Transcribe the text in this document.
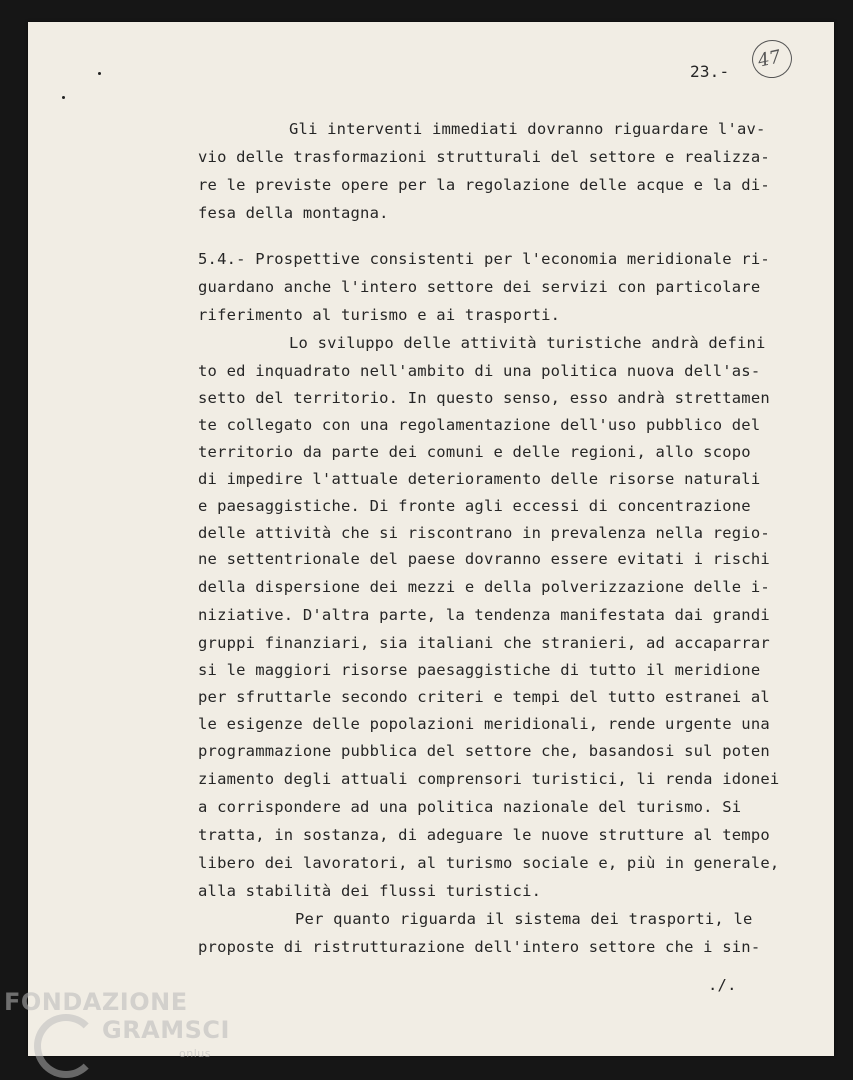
23.- 47
Gli interventi immediati dovranno riguardare l'av-
vio delle trasformazioni strutturali del settore e realizza-
re le previste opere per la regolazione delle acque e la di-
fesa della montagna.
5.4.- Prospettive consistenti per l'economia meridionale ri-
guardano anche l'intero settore dei servizi con particolare
riferimento al turismo e ai trasporti.
Lo sviluppo delle attività turistiche andrà defini
to ed inquadrato nell'ambito di una politica nuova dell'as-
setto del territorio. In questo senso, esso andrà strettamen
te collegato con una regolamentazione dell'uso pubblico del
territorio da parte dei comuni e delle regioni, allo scopo
di impedire l'attuale deterioramento delle risorse naturali
e paesaggistiche. Di fronte agli eccessi di concentrazione
delle attività che si riscontrano in prevalenza nella regio-
ne settentrionale del paese dovranno essere evitati i rischi
della dispersione dei mezzi e della polverizzazione delle i-
niziative. D'altra parte, la tendenza manifestata dai grandi
gruppi finanziari, sia italiani che stranieri, ad accaparrar
si le maggiori risorse paesaggistiche di tutto il meridione
per sfruttarle secondo criteri e tempi del tutto estranei al
le esigenze delle popolazioni meridionali, rende urgente una
programmazione pubblica del settore che, basandosi sul poten
ziamento degli attuali comprensori turistici, li renda idonei
a corrispondere ad una politica nazionale del turismo. Si
tratta, in sostanza, di adeguare le nuove strutture al tempo
libero dei lavoratori, al turismo sociale e, più in generale,
alla stabilità dei flussi turistici.
Per quanto riguarda il sistema dei trasporti, le
proposte di ristrutturazione dell'intero settore che i sin-
./.
FONDAZIONE
GRAMSCI
onlus
